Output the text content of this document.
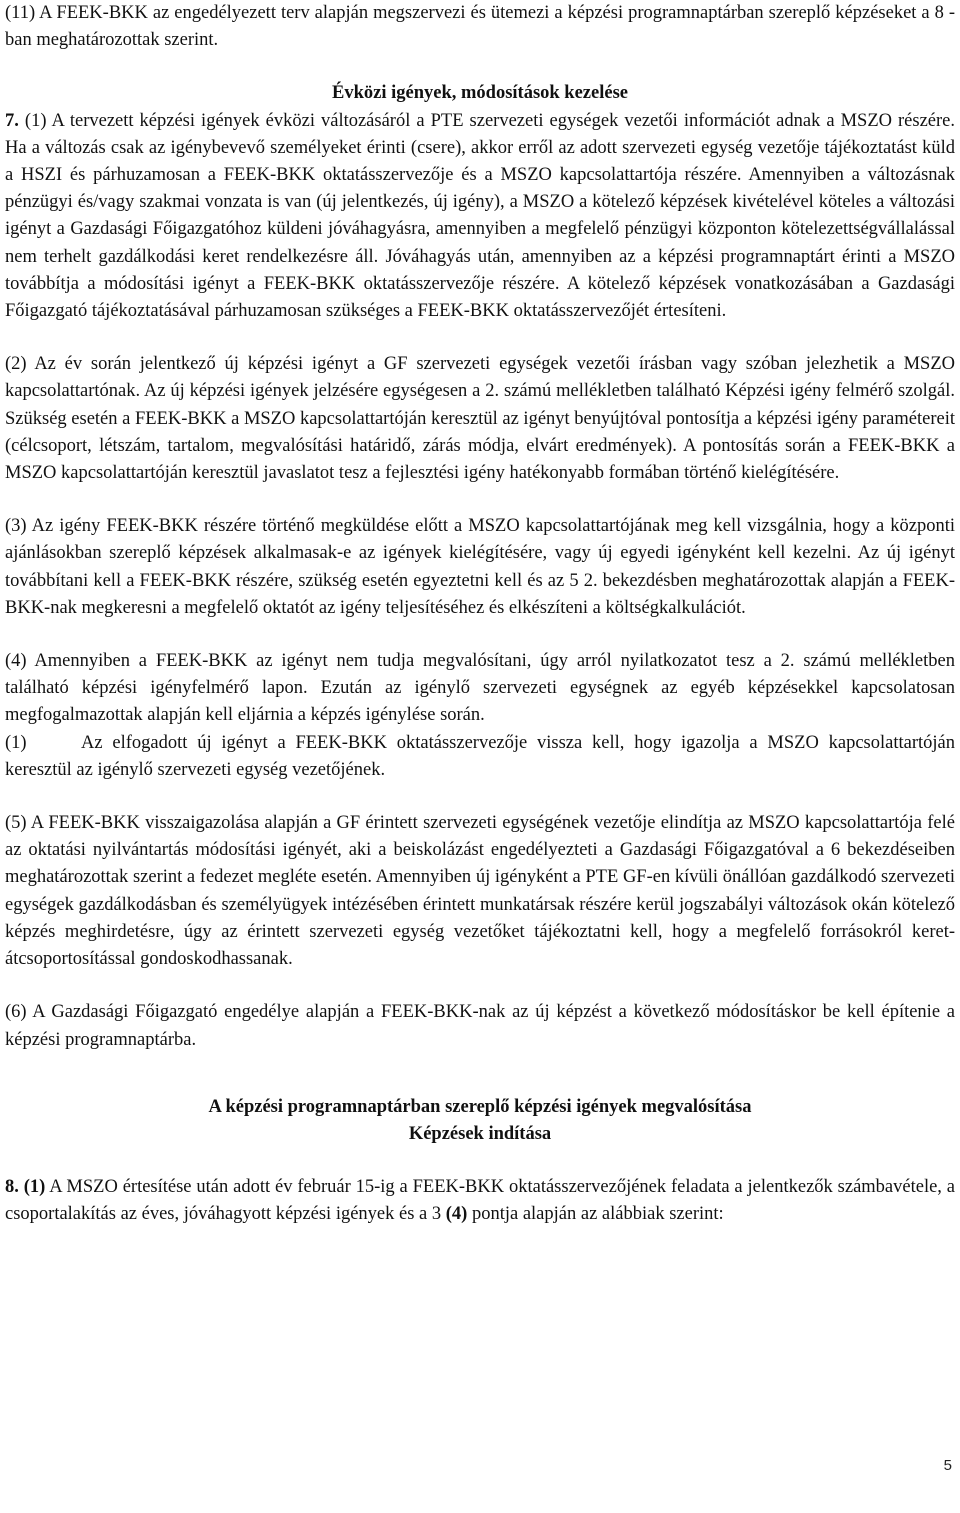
(11) A FEEK-BKK az engedélyezett terv alapján megszervezi és ütemezi a képzési programnaptárban szereplő képzéseket a 8 -ban meghatározottak szerint.

Évközi igények, módosítások kezelése

7. (1) A tervezett képzési igények évközi változásáról a PTE szervezeti egységek vezetői információt adnak a MSZO részére. Ha a változás csak az igénybevevő személyeket érinti (csere), akkor erről az adott szervezeti egység vezetője tájékoztatást küld a HSZI és párhuzamosan a FEEK-BKK oktatásszervezője és a MSZO kapcsolattartója részére. Amennyiben a változásnak pénzügyi és/vagy szakmai vonzata is van (új jelentkezés, új igény), a MSZO a kötelező képzések kivételével köteles a változási igényt a Gazdasági Főigazgatóhoz küldeni jóváhagyásra, amennyiben a megfelelő pénzügyi központon kötelezettségvállalással nem terhelt gazdálkodási keret rendelkezésre áll. Jóváhagyás után, amennyiben az a képzési programnaptárt érinti a MSZO továbbítja a módosítási igényt a FEEK-BKK oktatásszervezője részére. A kötelező képzések vonatkozásában a Gazdasági Főigazgató tájékoztatásával párhuzamosan szükséges a FEEK-BKK oktatásszervezőjét értesíteni.

(2) Az év során jelentkező új képzési igényt a GF szervezeti egységek vezetői írásban vagy szóban jelezhetik a MSZO kapcsolattartónak. Az új képzési igények jelzésére egységesen a 2. számú mellékletben található Képzési igény felmérő szolgál. Szükség esetén a FEEK-BKK a MSZO kapcsolattartóján keresztül az igényt benyújtóval pontosítja a képzési igény paramétereit (célcsoport, létszám, tartalom, megvalósítási határidő, zárás módja, elvárt eredmények). A pontosítás során a FEEK-BKK a MSZO kapcsolattartóján keresztül javaslatot tesz a fejlesztési igény hatékonyabb formában történő kielégítésére.

(3) Az igény FEEK-BKK részére történő megküldése előtt a MSZO kapcsolattartójának meg kell vizsgálnia, hogy a központi ajánlásokban szereplő képzések alkalmasak-e az igények kielégítésére, vagy új egyedi igényként kell kezelni. Az új igényt továbbítani kell a FEEK-BKK részére, szükség esetén egyeztetni kell és az 5 2. bekezdésben meghatározottak alapján a FEEK-BKK-nak megkeresni a megfelelő oktatót az igény teljesítéséhez és elkészíteni a költségkalkulációt.

(4) Amennyiben a FEEK-BKK az igényt nem tudja megvalósítani, úgy arról nyilatkozatot tesz a 2. számú mellékletben található képzési igényfelmérő lapon. Ezután az igénylő szervezeti egységnek az egyéb képzésekkel kapcsolatosan megfogalmazottak alapján kell eljárnia a képzés igénylése során.

(1)	Az elfogadott új igényt a FEEK-BKK oktatásszervezője vissza kell, hogy igazolja a MSZO kapcsolattartóján keresztül az igénylő szervezeti egység vezetőjének.

(5) A FEEK-BKK visszaigazolása alapján a GF érintett szervezeti egységének vezetője elindítja az MSZO kapcsolattartója felé az oktatási nyilvántartás módosítási igényét, aki a beiskolázást engedélyezteti a Gazdasági Főigazgatóval a 6 bekezdéseiben meghatározottak szerint a fedezet megléte esetén. Amennyiben új igényként a PTE GF-en kívüli önállóan gazdálkodó szervezeti egységek gazdálkodásban és személyügyek intézésében érintett munkatársak részére kerül jogszabályi változások okán kötelező képzés meghirdetésre, úgy az érintett szervezeti egység vezetőket tájékoztatni kell, hogy a megfelelő forrásokról keret-átcsoportosítással gondoskodhassanak.

(6) A Gazdasági Főigazgató engedélye alapján a FEEK-BKK-nak az új képzést a következő módosításkor be kell építenie a képzési programnaptárba.

A képzési programnaptárban szereplő képzési igények megvalósítása

Képzések indítása

8. (1) A MSZO értesítése után adott év február 15-ig a FEEK-BKK oktatásszervezőjének feladata a jelentkezők számbavétele, a csoportalakítás az éves, jóváhagyott képzési igények és a 3 (4) pontja alapján az alábbiak szerint:

5
